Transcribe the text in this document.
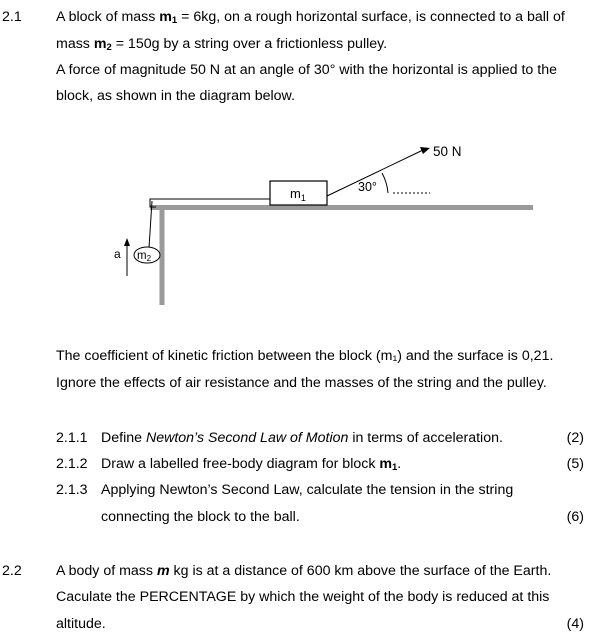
2.1 A block of mass $m_1 = 6kg$, on a rough horizontal surface, is connected to a ball of
mass $m_2 = 150g$ by a string over a frictionless pulley.
A force of magnitude 50 N at an angle of 30° with the horizontal is applied to the
block, as shown in the diagram below.
$m_1$
50 N
30°
m2
a
The coefficient of kinetic friction between the block (m₁) and the surface is 0,21.
Ignore the effects of air resistance and the masses of the string and the pulley.
2.1.1 Define Newton’s Second Law of Motion in terms of acceleration.	(2)
2.1.2 Draw a labelled free-body diagram for block $m_1$.	(5)
2.1.3 Applying Newton’s Second Law, calculate the tension in the string
connecting the block to the ball.	(6)
2.2 A body of mass m kg is at a distance of 600 km above the surface of the Earth.
Caculate the PERCENTAGE by which the weight of the body is reduced at this
altitude.	(4)
